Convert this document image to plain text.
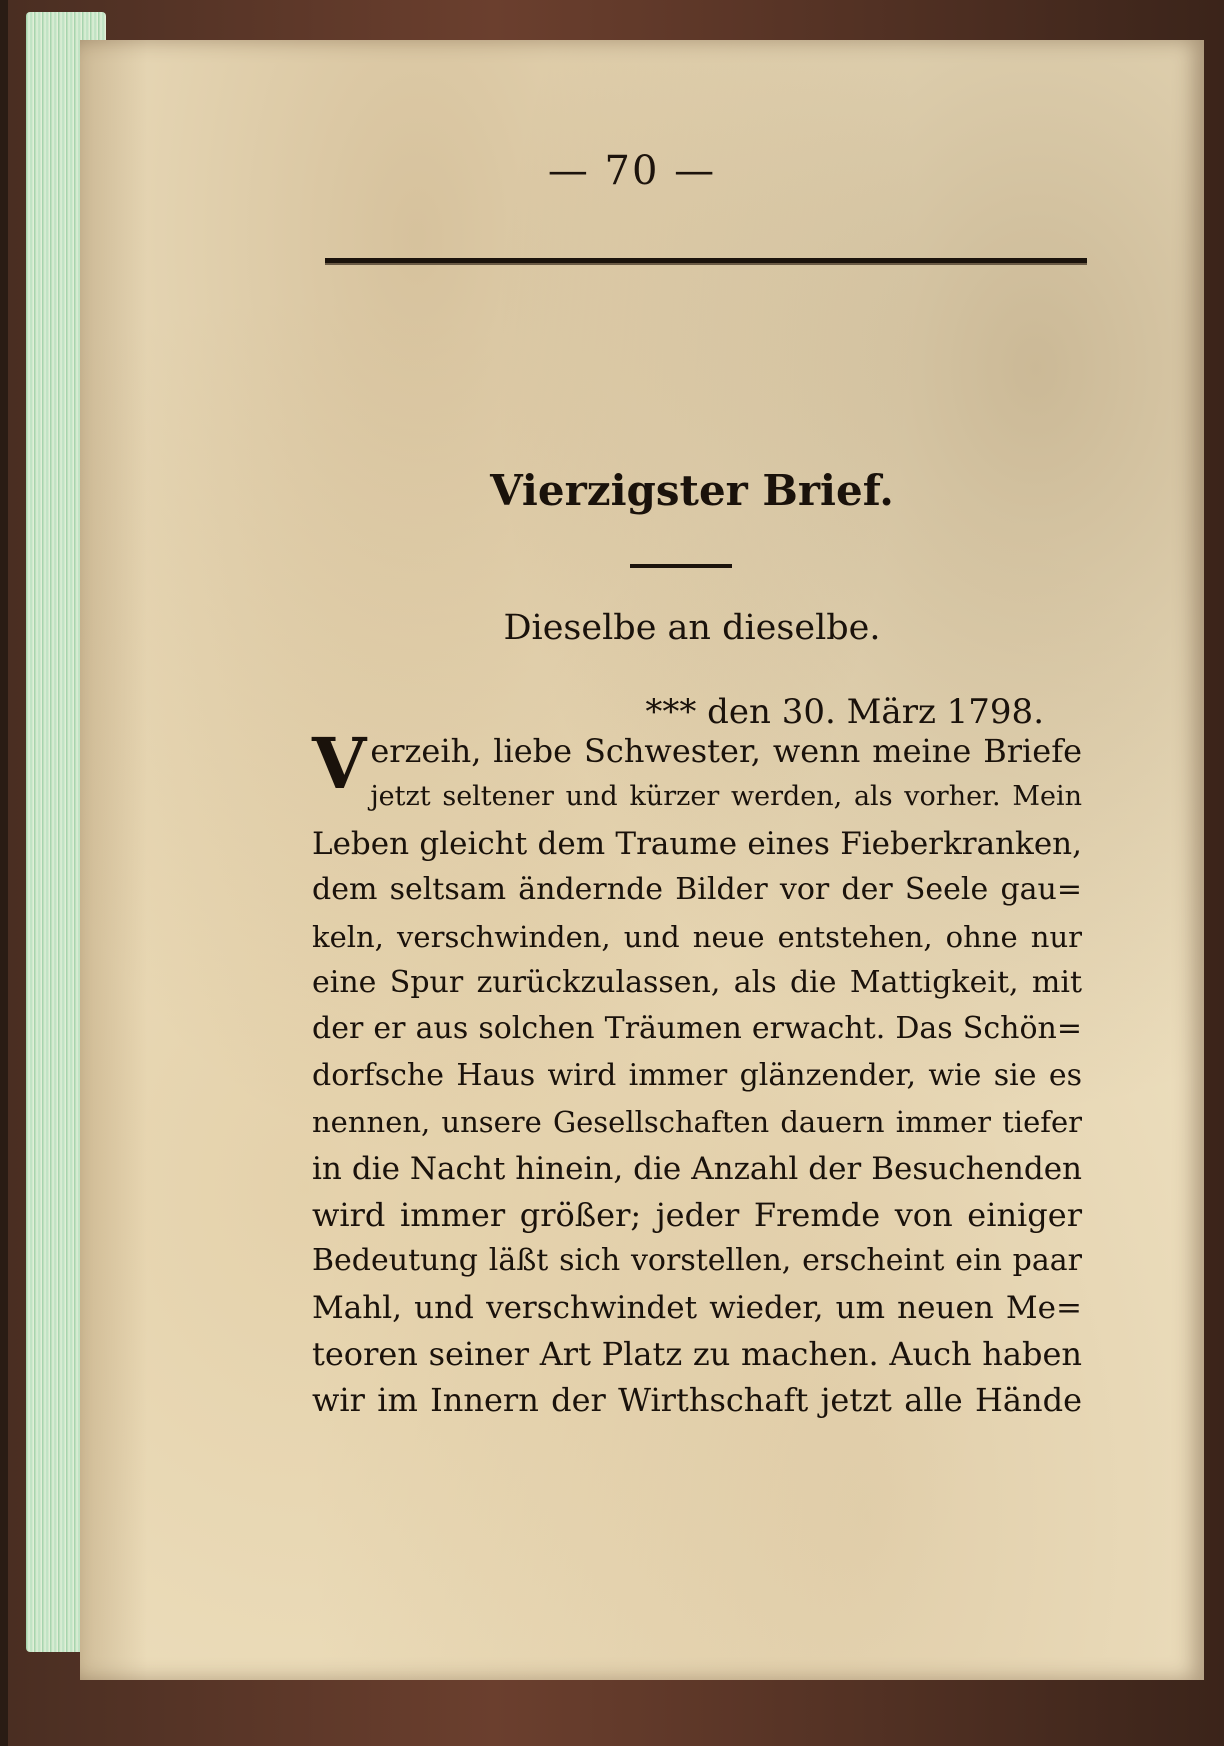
— 70 —
Vierzigster Brief.
Dieselbe an dieselbe.
*** den 30. März 1798.
Verzeih, liebe Schwester, wenn meine Briefe
jetzt seltener und kürzer werden, als vorher. Mein
Leben gleicht dem Traume eines Fieberkranken,
dem seltsam ändernde Bilder vor der Seele gau=
keln, verschwinden, und neue entstehen, ohne nur
eine Spur zurückzulassen, als die Mattigkeit, mit
der er aus solchen Träumen erwacht. Das Schön=
dorfsche Haus wird immer glänzender, wie sie es
nennen, unsere Gesellschaften dauern immer tiefer
in die Nacht hinein, die Anzahl der Besuchenden
wird immer größer; jeder Fremde von einiger
Bedeutung läßt sich vorstellen, erscheint ein paar
Mahl, und verschwindet wieder, um neuen Me=
teoren seiner Art Platz zu machen. Auch haben
wir im Innern der Wirthschaft jetzt alle Hände
